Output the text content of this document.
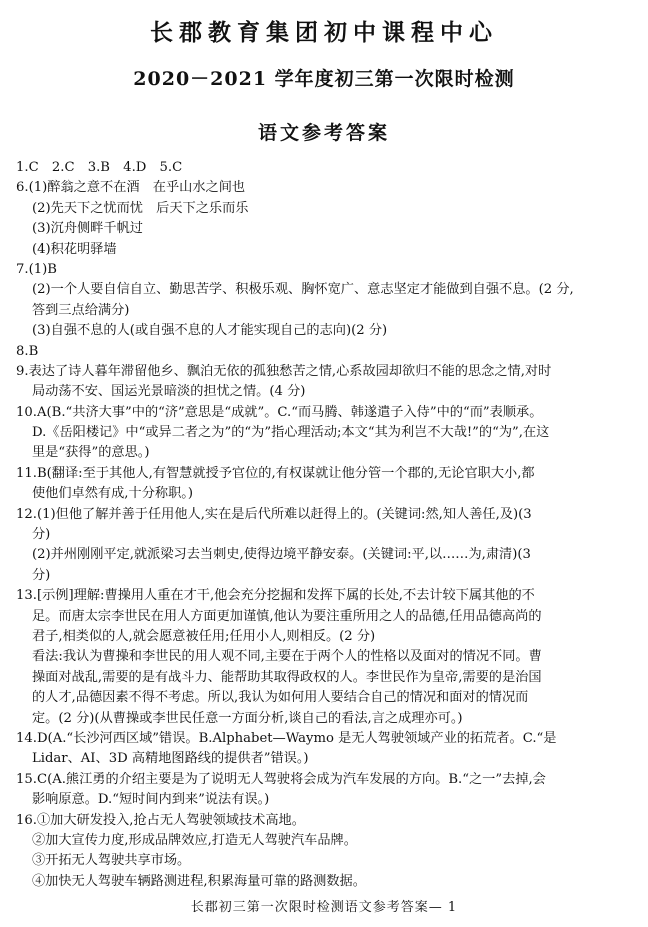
长郡教育集团初中课程中心
2020－2021 学年度初三第一次限时检测
语文参考答案
1.C　2.C　3.B　4.D　5.C
6.(1)醉翁之意不在酒　在乎山水之间也
(2)先天下之忧而忧　后天下之乐而乐
(3)沉舟侧畔千帆过
(4)积花明驿墙
7.(1)B
(2)一个人要自信自立、勤思苦学、积极乐观、胸怀宽广、意志坚定才能做到自强不息。(2 分,
答到三点给满分)
(3)自强不息的人(或自强不息的人才能实现自己的志向)(2 分)
8.B
9.表达了诗人暮年滞留他乡、飘泊无依的孤独愁苦之情,心系故园却欲归不能的思念之情,对时
局动荡不安、国运光景暗淡的担忧之情。(4 分)
10.A(B.“共济大事”中的“济”意思是“成就”。C.“而马腾、韩遂遣子入侍”中的“而”表顺承。
D.《岳阳楼记》中“或异二者之为”的“为”指心理活动;本文“其为利岂不大哉!”的“为”,在这
里是“获得”的意思。)
11.B(翻译:至于其他人,有智慧就授予官位的,有权谋就让他分管一个郡的,无论官职大小,都
使他们卓然有成,十分称职。)
12.(1)但他了解并善于任用他人,实在是后代所难以赶得上的。(关键词:然,知人善任,及)(3
分)
(2)并州刚刚平定,就派梁习去当刺史,使得边境平静安泰。(关键词:平,以……为,肃清)(3
分)
13.[示例]理解:曹操用人重在才干,他会充分挖掘和发挥下属的长处,不去计较下属其他的不
足。而唐太宗李世民在用人方面更加谨慎,他认为要注重所用之人的品德,任用品德高尚的
君子,相类似的人,就会愿意被任用;任用小人,则相反。(2 分)
看法:我认为曹操和李世民的用人观不同,主要在于两个人的性格以及面对的情况不同。曹
操面对战乱,需要的是有战斗力、能帮助其取得政权的人。李世民作为皇帝,需要的是治国
的人才,品德因素不得不考虑。所以,我认为如何用人要结合自己的情况和面对的情况而
定。(2 分)(从曹操或李世民任意一方面分析,谈自己的看法,言之成理亦可。)
14.D(A.“长沙河西区域”错误。B.Alphabet—Waymo 是无人驾驶领域产业的拓荒者。C.“是
Lidar、AI、3D 高精地图路线的提供者”错误。)
15.C(A.熊江勇的介绍主要是为了说明无人驾驶将会成为汽车发展的方向。B.“之一”去掉,会
影响原意。D.“短时间内到来”说法有误。)
16.①加大研发投入,抢占无人驾驶领域技术高地。
②加大宣传力度,形成品牌效应,打造无人驾驶汽车品牌。
③开拓无人驾驶共享市场。
④加快无人驾驶车辆路测进程,积累海量可靠的路测数据。
长郡初三第一次限时检测语文参考答案— 1
